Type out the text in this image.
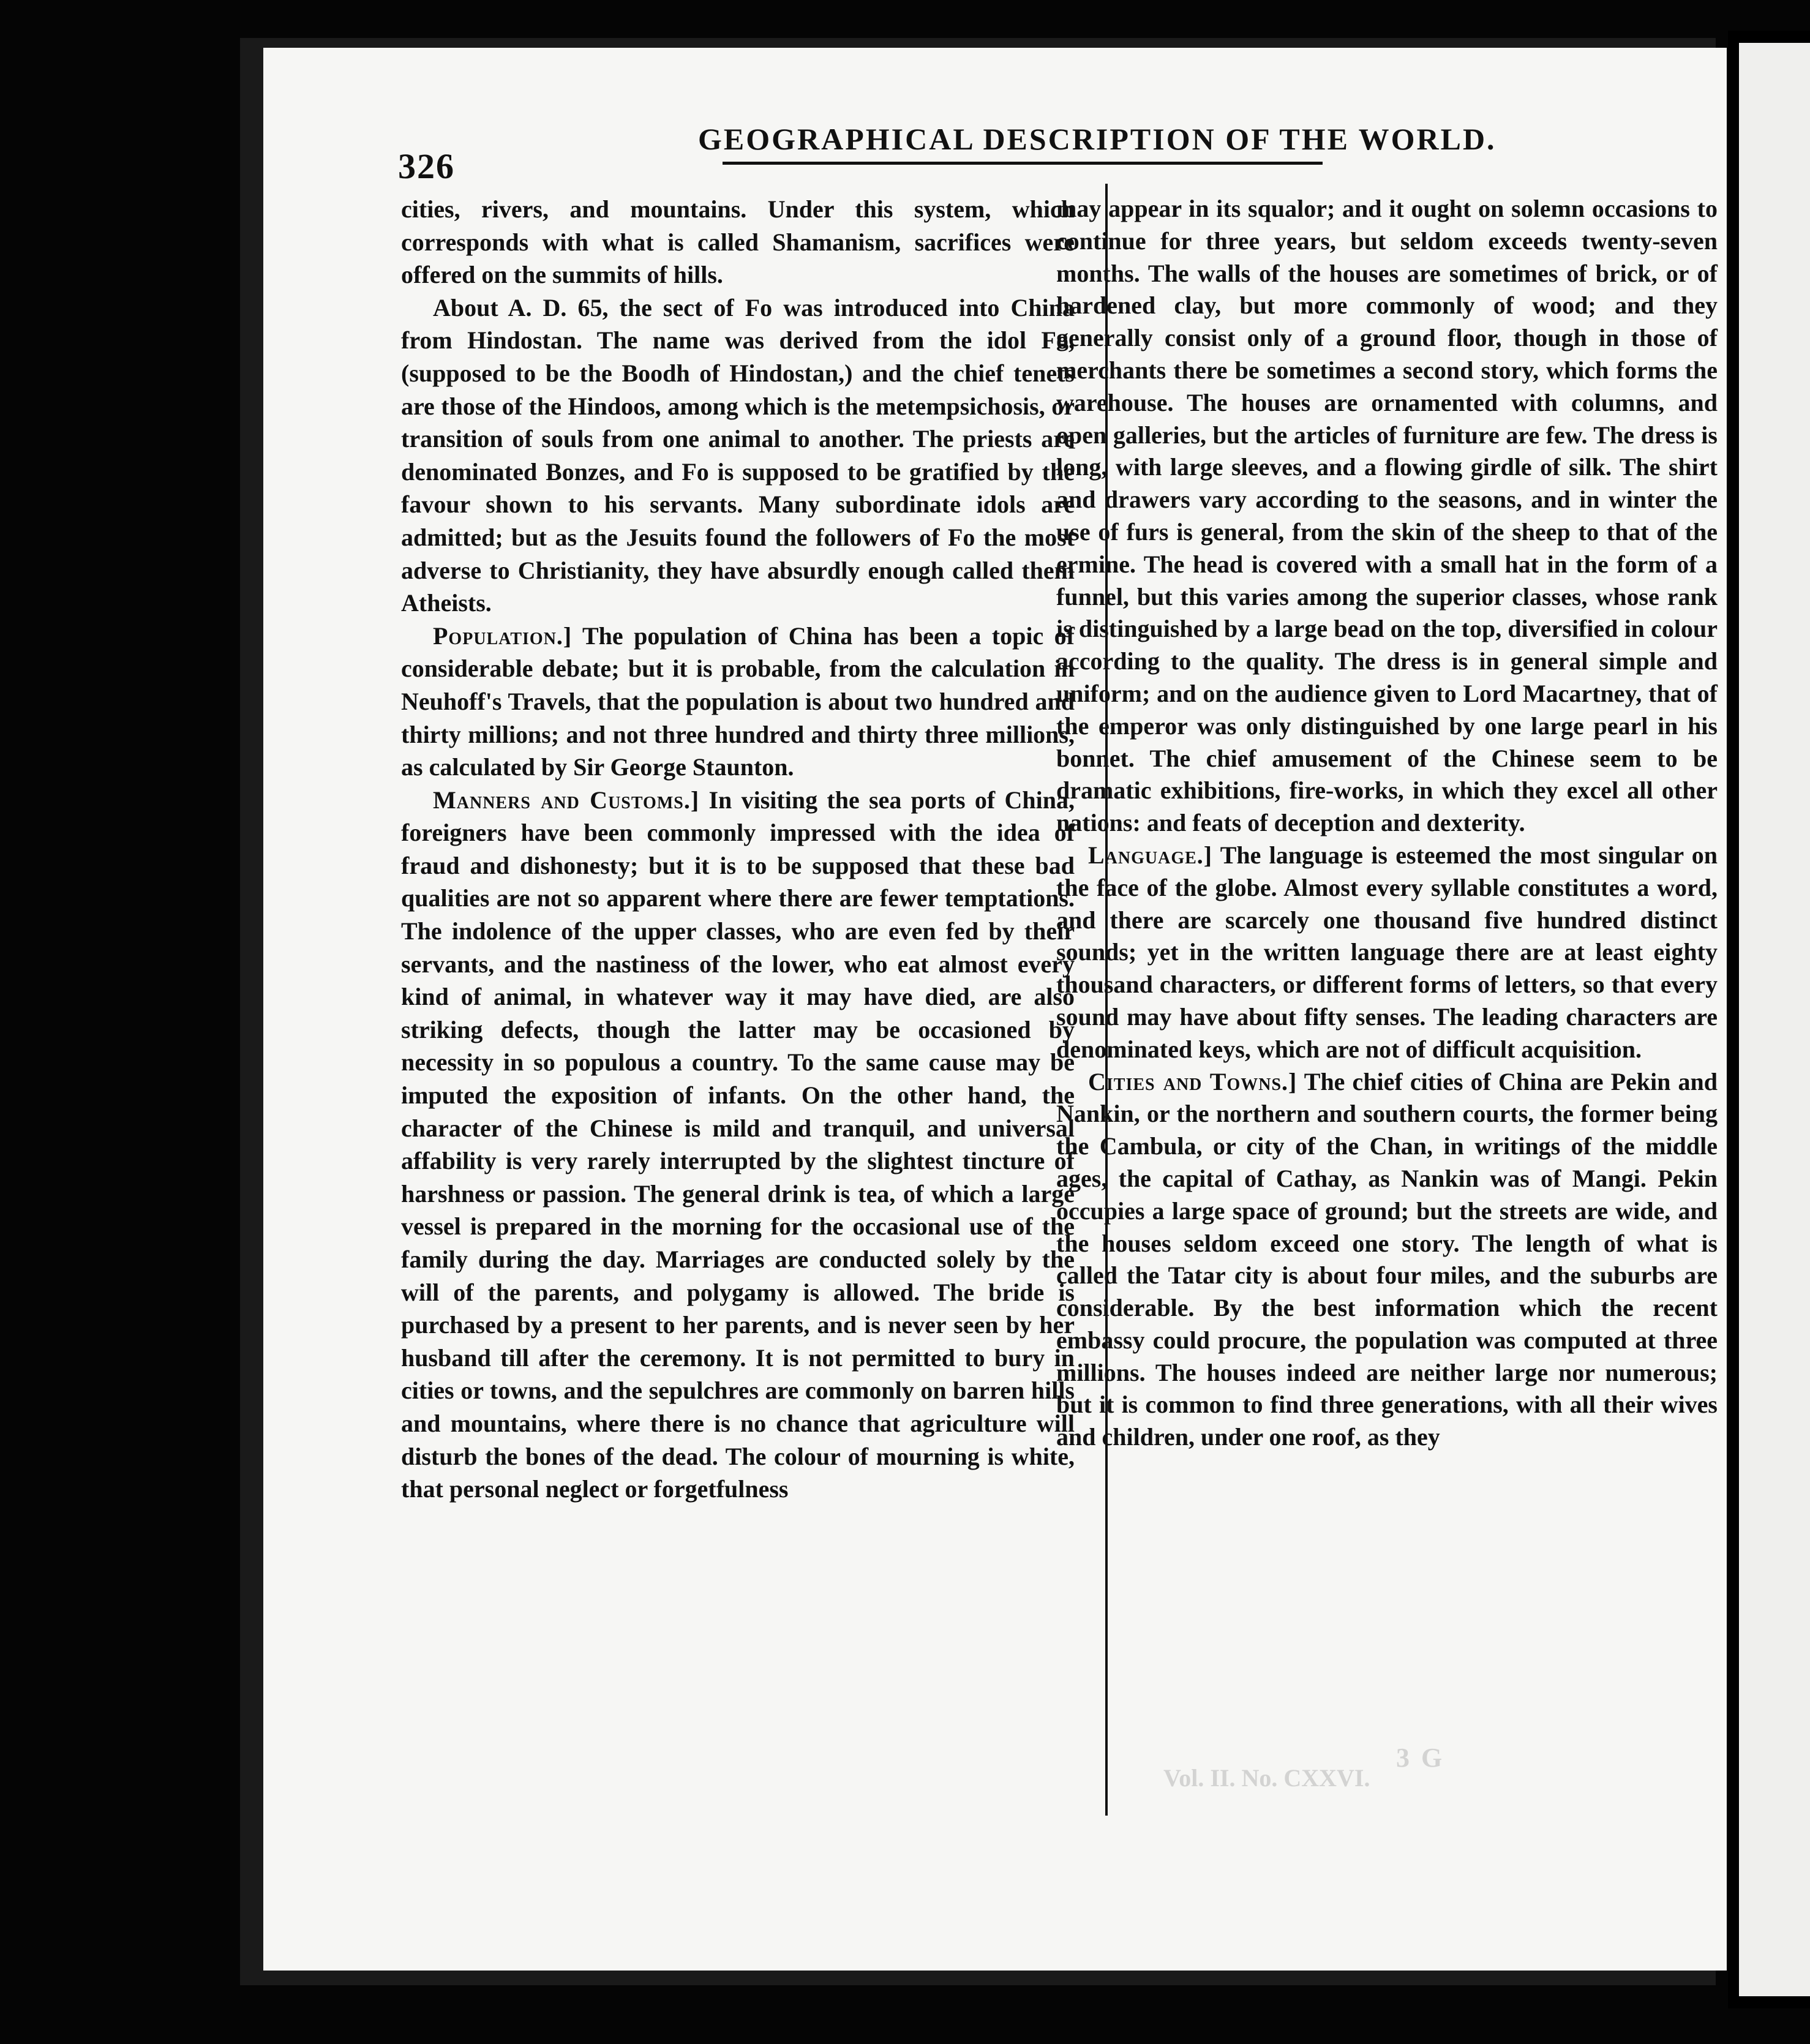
326
GEOGRAPHICAL DESCRIPTION OF THE WORLD.

cities, rivers, and mountains. Under this system, which corresponds with what is called Shamanism, sacrifices were offered on the summits of hills.

About A. D. 65, the sect of Fo was introduced into China from Hindostan. The name was derived from the idol Fo, (supposed to be the Boodh of Hindostan,) and the chief tenets are those of the Hindoos, among which is the metempsichosis, or transition of souls from one animal to another. The priests are denominated Bonzes, and Fo is supposed to be gratified by the favour shown to his servants. Many subordinate idols are admitted; but as the Jesuits found the followers of Fo the most adverse to Christianity, they have absurdly enough called them Atheists.

Population.] The population of China has been a topic of considerable debate; but it is probable, from the calculation in Neuhoff's Travels, that the population is about two hundred and thirty millions; and not three hundred and thirty three millions, as calculated by Sir George Staunton.

Manners and Customs.] In visiting the sea ports of China, foreigners have been commonly impressed with the idea of fraud and dishonesty; but it is to be supposed that these bad qualities are not so apparent where there are fewer temptations. The indolence of the upper classes, who are even fed by their servants, and the nastiness of the lower, who eat almost every kind of animal, in whatever way it may have died, are also striking defects, though the latter may be occasioned by necessity in so populous a country. To the same cause may be imputed the exposition of infants. On the other hand, the character of the Chinese is mild and tranquil, and universal affability is very rarely interrupted by the slightest tincture of harshness or passion. The general drink is tea, of which a large vessel is prepared in the morning for the occasional use of the family during the day. Marriages are conducted solely by the will of the parents, and polygamy is allowed. The bride is purchased by a present to her parents, and is never seen by her husband till after the ceremony. It is not permitted to bury in cities or towns, and the sepulchres are commonly on barren hills and mountains, where there is no chance that agriculture will disturb the bones of the dead. The colour of mourning is white, that personal neglect or forgetfulness

may appear in its squalor; and it ought on solemn occasions to continue for three years, but seldom exceeds twenty-seven months. The walls of the houses are sometimes of brick, or of hardened clay, but more commonly of wood; and they generally consist only of a ground floor, though in those of merchants there be sometimes a second story, which forms the warehouse. The houses are ornamented with columns, and open galleries, but the articles of furniture are few. The dress is long, with large sleeves, and a flowing girdle of silk. The shirt and drawers vary according to the seasons, and in winter the use of furs is general, from the skin of the sheep to that of the ermine. The head is covered with a small hat in the form of a funnel, but this varies among the superior classes, whose rank is distinguished by a large bead on the top, diversified in colour according to the quality. The dress is in general simple and uniform; and on the audience given to Lord Macartney, that of the emperor was only distinguished by one large pearl in his bonnet. The chief amusement of the Chinese seem to be dramatic exhibitions, fire-works, in which they excel all other nations: and feats of deception and dexterity.

Language.] The language is esteemed the most singular on the face of the globe. Almost every syllable constitutes a word, and there are scarcely one thousand five hundred distinct sounds; yet in the written language there are at least eighty thousand characters, or different forms of letters, so that every sound may have about fifty senses. The leading characters are denominated keys, which are not of difficult acquisition.

Cities and Towns.] The chief cities of China are Pekin and Nankin, or the northern and southern courts, the former being the Cambula, or city of the Chan, in writings of the middle ages, the capital of Cathay, as Nankin was of Mangi. Pekin occupies a large space of ground; but the streets are wide, and the houses seldom exceed one story. The length of what is called the Tatar city is about four miles, and the suburbs are considerable. By the best information which the recent embassy could procure, the population was computed at three millions. The houses indeed are neither large nor numerous; but it is common to find three generations, with all their wives and children, under one roof, as they

Vol. II. No. CXXVI.
3 G
